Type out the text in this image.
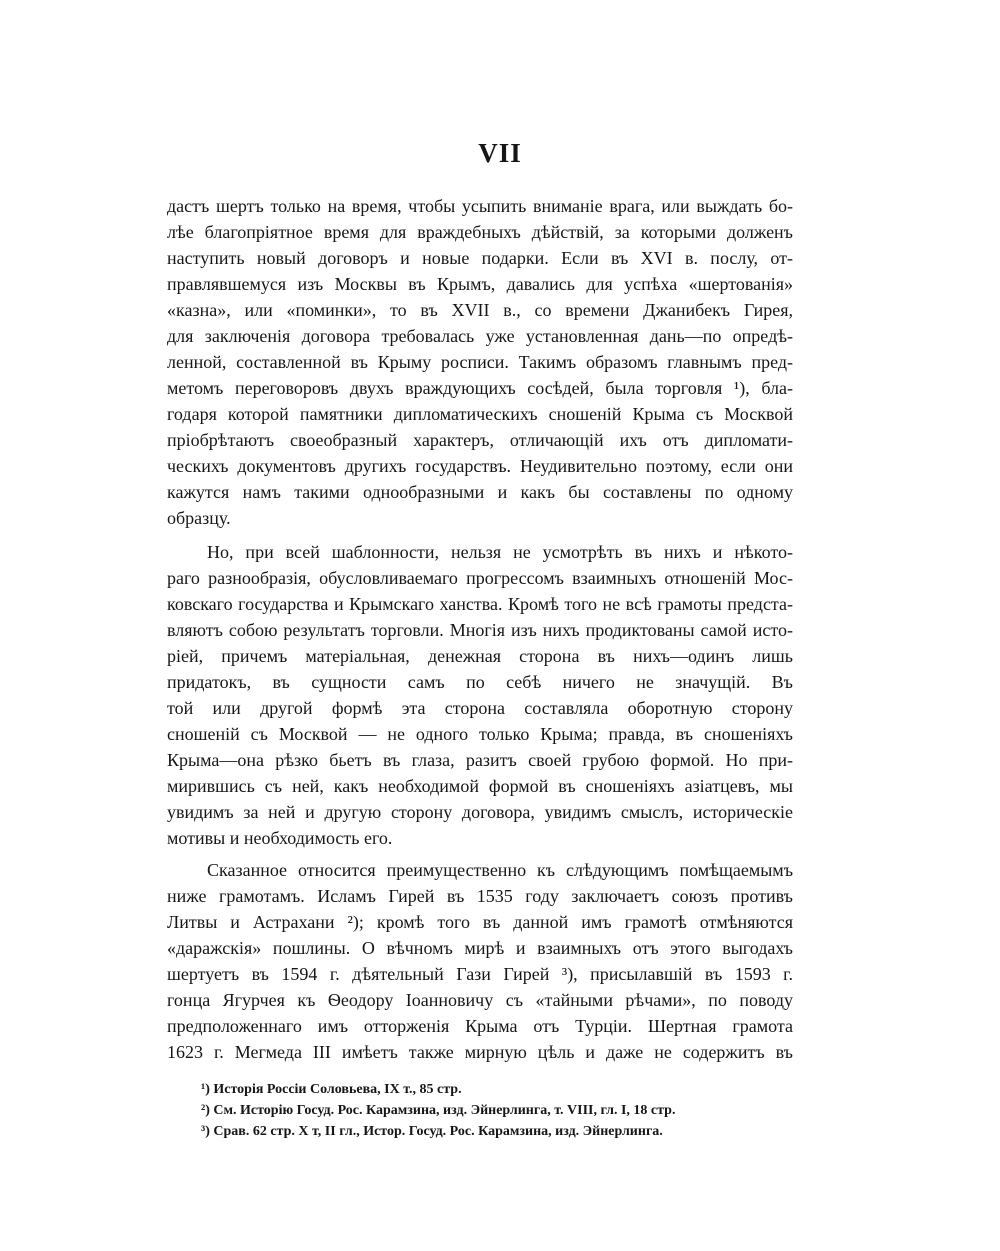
VII
дастъ шертъ только на время, чтобы усыпить вниманіе врага, или выждать бо-
лѣе благопріятное время для враждебныхъ дѣйствій, за которыми долженъ
наступить новый договоръ и новые подарки. Если въ XVI в. послу, от-
правлявшемуся изъ Москвы въ Крымъ, давались для успѣха «шертованія»
«казна», или «поминки», то въ XVII в., со времени Джанибекъ Гирея,
для заключенія договора требовалась уже установленная дань—по опредѣ-
ленной, составленной въ Крыму росписи. Такимъ образомъ главнымъ пред-
метомъ переговоровъ двухъ враждующихъ сосѣдей, была торговля ¹), бла-
годаря которой памятники дипломатическихъ сношеній Крыма съ Москвой
пріобрѣтаютъ своеобразный характеръ, отличающій ихъ отъ дипломати-
ческихъ документовъ другихъ государствъ. Неудивительно поэтому, если они
кажутся намъ такими однообразными и какъ бы составлены по одному
образцу.
Но, при всей шаблонности, нельзя не усмотрѣть въ нихъ и нѣкото-
раго разнообразія, обусловливаемаго прогрессомъ взаимныхъ отношеній Мос-
ковскаго государства и Крымскаго ханства. Кромѣ того не всѣ грамоты предста-
вляютъ собою результатъ торговли. Многія изъ нихъ продиктованы самой исто-
ріей, причемъ матеріальная, денежная сторона въ нихъ—одинъ лишь
придатокъ, въ сущности самъ по себѣ ничего не значущій. Въ
той или другой формѣ эта сторона составляла оборотную сторону
сношеній съ Москвой — не одного только Крыма; правда, въ сношеніяхъ
Крыма—она рѣзко бьетъ въ глаза, разитъ своей грубою формой. Но при-
мирившись съ ней, какъ необходимой формой въ сношеніяхъ азіатцевъ, мы
увидимъ за ней и другую сторону договора, увидимъ смыслъ, историческіе
мотивы и необходимость его.
Сказанное относится преимущественно къ слѣдующимъ помѣщаемымъ
ниже грамотамъ. Исламъ Гирей въ 1535 году заключаетъ союзъ противъ
Литвы и Астрахани ²); кромѣ того въ данной имъ грамотѣ отмѣняются
«даражскія» пошлины. О вѣчномъ мирѣ и взаимныхъ отъ этого выгодахъ
шертуетъ въ 1594 г. дѣятельный Гази Гирей ³), присылавшій въ 1593 г.
гонца Ягурчея къ Ѳеодору Іоанновичу съ «тайными рѣчами», по поводу
предположеннаго имъ отторженія Крыма отъ Турціи. Шертная грамота
1623 г. Мегмеда III имѣетъ также мирную цѣль и даже не содержитъ въ
¹) Исторія Россіи Соловьева, IX т., 85 стр.
²) См. Исторію Госуд. Рос. Карамзина, изд. Эйнерлинга, т. VIII, гл. I, 18 стр.
³) Срав. 62 стр. X т, II гл., Истор. Госуд. Рос. Карамзина, изд. Эйнерлинга.
